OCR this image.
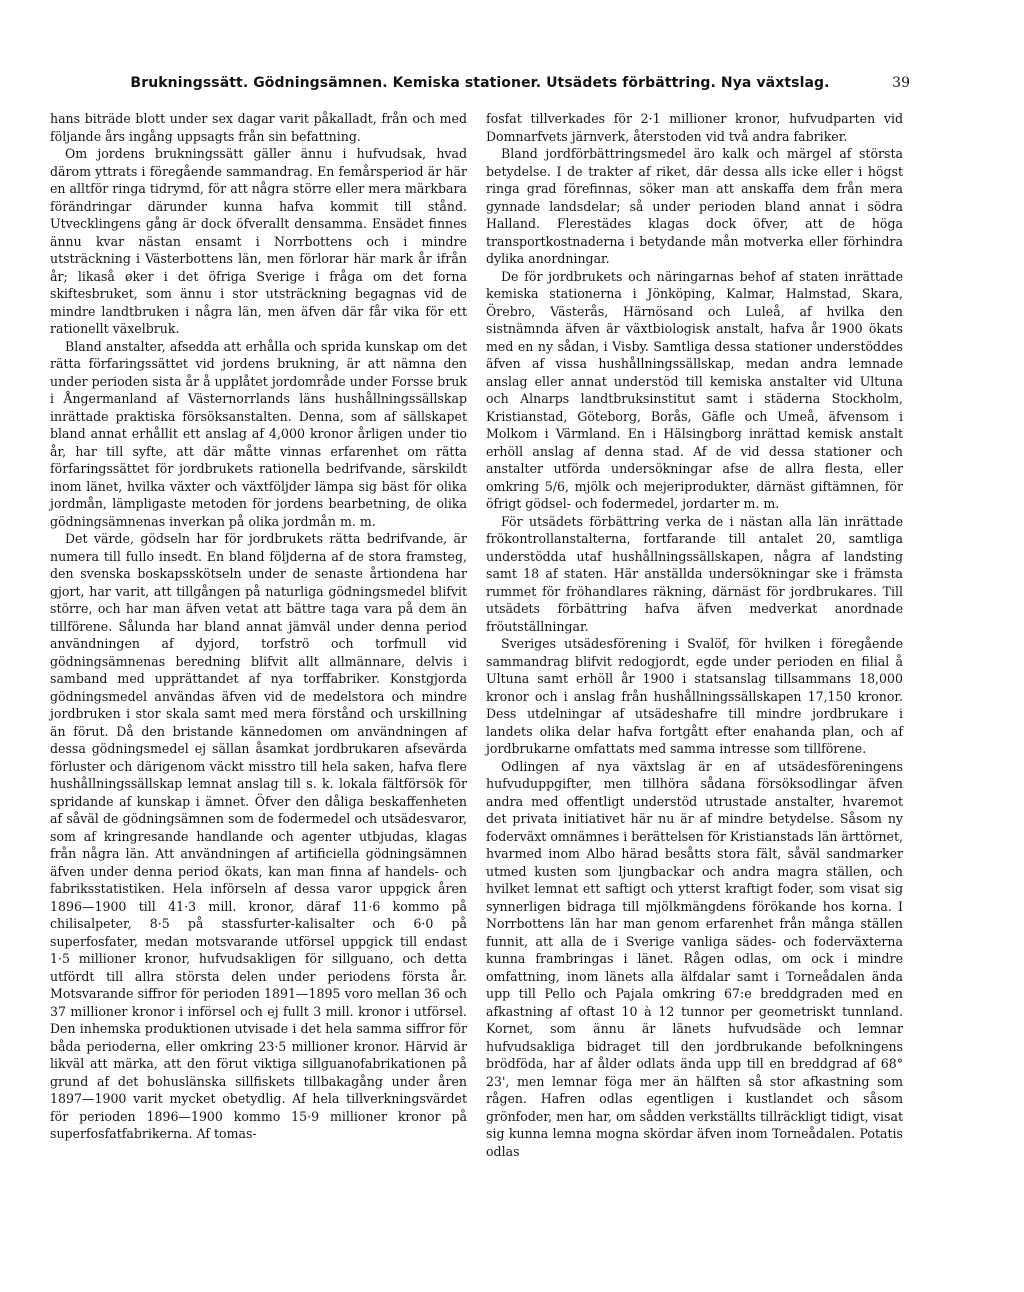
Brukningssätt. Gödningsämnen. Kemiska stationer. Utsädets förbättring. Nya växtslag.	39

hans biträde blott under sex dagar varit påkalladt, från och med följande års ingång uppsagts från sin befattning.

Om jordens brukningssätt gäller ännu i hufvudsak, hvad därom yttrats i föregående sammandrag. En femårsperiod är här en alltför ringa tidrymd, för att några större eller mera märkbara förändringar därunder kunna hafva kommit till stånd. Utvecklingens gång är dock öfverallt densamma. Ensädet finnes ännu kvar nästan ensamt i Norrbottens och i mindre utsträckning i Västerbottens län, men förlorar här mark år ifrån år; likaså øker i det öfriga Sverige i fråga om det forna skiftesbruket, som ännu i stor utsträckning begagnas vid de mindre landtbruken i några län, men äfven där får vika för ett rationellt växelbruk.

Bland anstalter, afsedda att erhålla och sprida kunskap om det rätta förfaringssättet vid jordens brukning, är att nämna den under perioden sista år å upplåtet jordområde under Forsse bruk i Ångermanland af Västernorrlands läns hushållningssällskap inrättade praktiska försöksanstalten. Denna, som af sällskapet bland annat erhållit ett anslag af 4,000 kronor årligen under tio år, har till syfte, att där måtte vinnas erfarenhet om rätta förfaringssättet för jordbrukets rationella bedrifvande, särskildt inom länet, hvilka växter och växtföljder lämpa sig bäst för olika jordmån, lämpligaste metoden för jordens bearbetning, de olika gödningsämnenas inverkan på olika jordmån m. m.

Det värde, gödseln har för jordbrukets rätta bedrifvande, är numera till fullo insedt. En bland följderna af de stora framsteg, den svenska boskapsskötseln under de senaste årtiondena har gjort, har varit, att tillgången på naturliga gödningsmedel blifvit större, och har man äfven vetat att bättre taga vara på dem än tillförene. Sålunda har bland annat jämväl under denna period användningen af dyjord, torfströ och torfmull vid gödningsämnenas beredning blifvit allt allmännare, delvis i samband med upprättandet af nya torffabriker. Konstgjorda gödningsmedel användas äfven vid de medelstora och mindre jordbruken i stor skala samt med mera förstånd och urskillning än förut. Då den bristande kännedomen om användningen af dessa gödningsmedel ej sällan åsamkat jordbrukaren afsevärda förluster och därigenom väckt misstro till hela saken, hafva flere hushållningssällskap lemnat anslag till s. k. lokala fältförsök för spridande af kunskap i ämnet. Öfver den dåliga beskaffenheten af såväl de gödningsämnen som de fodermedel och utsädesvaror, som af kringresande handlande och agenter utbjudas, klagas från några län. Att användningen af artificiella gödningsämnen äfven under denna period ökats, kan man finna af handels- och fabriksstatistiken. Hela införseln af dessa varor uppgick åren 1896—1900 till 41·3 mill. kronor, däraf 11·6 kommo på chilisalpeter, 8·5 på stassfurter-kalisalter och 6·0 på superfosfater, medan motsvarande utförsel uppgick till endast 1·5 millioner kronor, hufvudsakligen för sillguano, och detta utfördt till allra största delen under periodens första år. Motsvarande siffror för perioden 1891—1895 voro mellan 36 och 37 millioner kronor i införsel och ej fullt 3 mill. kronor i utförsel. Den inhemska produktionen utvisade i det hela samma siffror för båda perioderna, eller omkring 23·5 millioner kronor. Härvid är likväl att märka, att den förut viktiga sillguanofabrikationen på grund af det bohuslänska sillfiskets tillbakagång under åren 1897—1900 varit mycket obetydlig. Af hela tillverkningsvärdet för perioden 1896—1900 kommo 15·9 millioner kronor på superfosfatfabrikerna. Af tomas-

fosfat tillverkades för 2·1 millioner kronor, hufvudparten vid Domnarfvets järnverk, återstoden vid två andra fabriker.

Bland jordförbättringsmedel äro kalk och märgel af största betydelse. I de trakter af riket, där dessa alls icke eller i högst ringa grad förefinnas, söker man att anskaffa dem från mera gynnade landsdelar; så under perioden bland annat i södra Halland. Flerestädes klagas dock öfver, att de höga transportkostnaderna i betydande mån motverka eller förhindra dylika anordningar.

De för jordbrukets och näringarnas behof af staten inrättade kemiska stationerna i Jönköping, Kalmar, Halmstad, Skara, Örebro, Västerås, Härnösand och Luleå, af hvilka den sistnämnda äfven är växtbiologisk anstalt, hafva år 1900 ökats med en ny sådan, i Visby. Samtliga dessa stationer understöddes äfven af vissa hushållningssällskap, medan andra lemnade anslag eller annat understöd till kemiska anstalter vid Ultuna och Alnarps landtbruksinstitut samt i städerna Stockholm, Kristianstad, Göteborg, Borås, Gäfle och Umeå, äfvensom i Molkom i Värmland. En i Hälsingborg inrättad kemisk anstalt erhöll anslag af denna stad. Af de vid dessa stationer och anstalter utförda undersökningar afse de allra flesta, eller omkring 5/6, mjölk och mejeriprodukter, därnäst giftämnen, för öfrigt gödsel- och fodermedel, jordarter m. m.

För utsädets förbättring verka de i nästan alla län inrättade frökontrollanstalterna, fortfarande till antalet 20, samtliga understödda utaf hushållningssällskapen, några af landsting samt 18 af staten. Här anställda undersökningar ske i främsta rummet för fröhandlares räkning, därnäst för jordbrukares. Till utsädets förbättring hafva äfven medverkat anordnade fröutställningar.

Sveriges utsädesförening i Svalöf, för hvilken i föregående sammandrag blifvit redogjordt, egde under perioden en filial å Ultuna samt erhöll år 1900 i statsanslag tillsammans 18,000 kronor och i anslag från hushållningssällskapen 17,150 kronor. Dess utdelningar af utsädeshafre till mindre jordbrukare i landets olika delar hafva fortgått efter enahanda plan, och af jordbrukarne omfattats med samma intresse som tillförene.

Odlingen af nya växtslag är en af utsädesföreningens hufvuduppgifter, men tillhöra sådana försöksodlingar äfven andra med offentligt understöd utrustade anstalter, hvaremot det privata initiativet här nu är af mindre betydelse. Såsom ny foderväxt omnämnes i berättelsen för Kristianstads län ärttörnet, hvarmed inom Albo härad besåtts stora fält, såväl sandmarker utmed kusten som ljungbackar och andra magra ställen, och hvilket lemnat ett saftigt och ytterst kraftigt foder, som visat sig synnerligen bidraga till mjölkmängdens förökande hos korna. I Norrbottens län har man genom erfarenhet från många ställen funnit, att alla de i Sverige vanliga sädes- och foderväxterna kunna frambringas i länet. Rågen odlas, om ock i mindre omfattning, inom länets alla älfdalar samt i Torneådalen ända upp till Pello och Pajala omkring 67:e breddgraden med en afkastning af oftast 10 à 12 tunnor per geometriskt tunnland. Kornet, som ännu är länets hufvudsäde och lemnar hufvudsakliga bidraget till den jordbrukande befolkningens brödföda, har af ålder odlats ända upp till en breddgrad af 68° 23', men lemnar föga mer än hälften så stor afkastning som rågen. Hafren odlas egentligen i kustlandet och såsom grönfoder, men har, om sådden verkställts tillräckligt tidigt, visat sig kunna lemna mogna skördar äfven inom Torneådalen. Potatis odlas
